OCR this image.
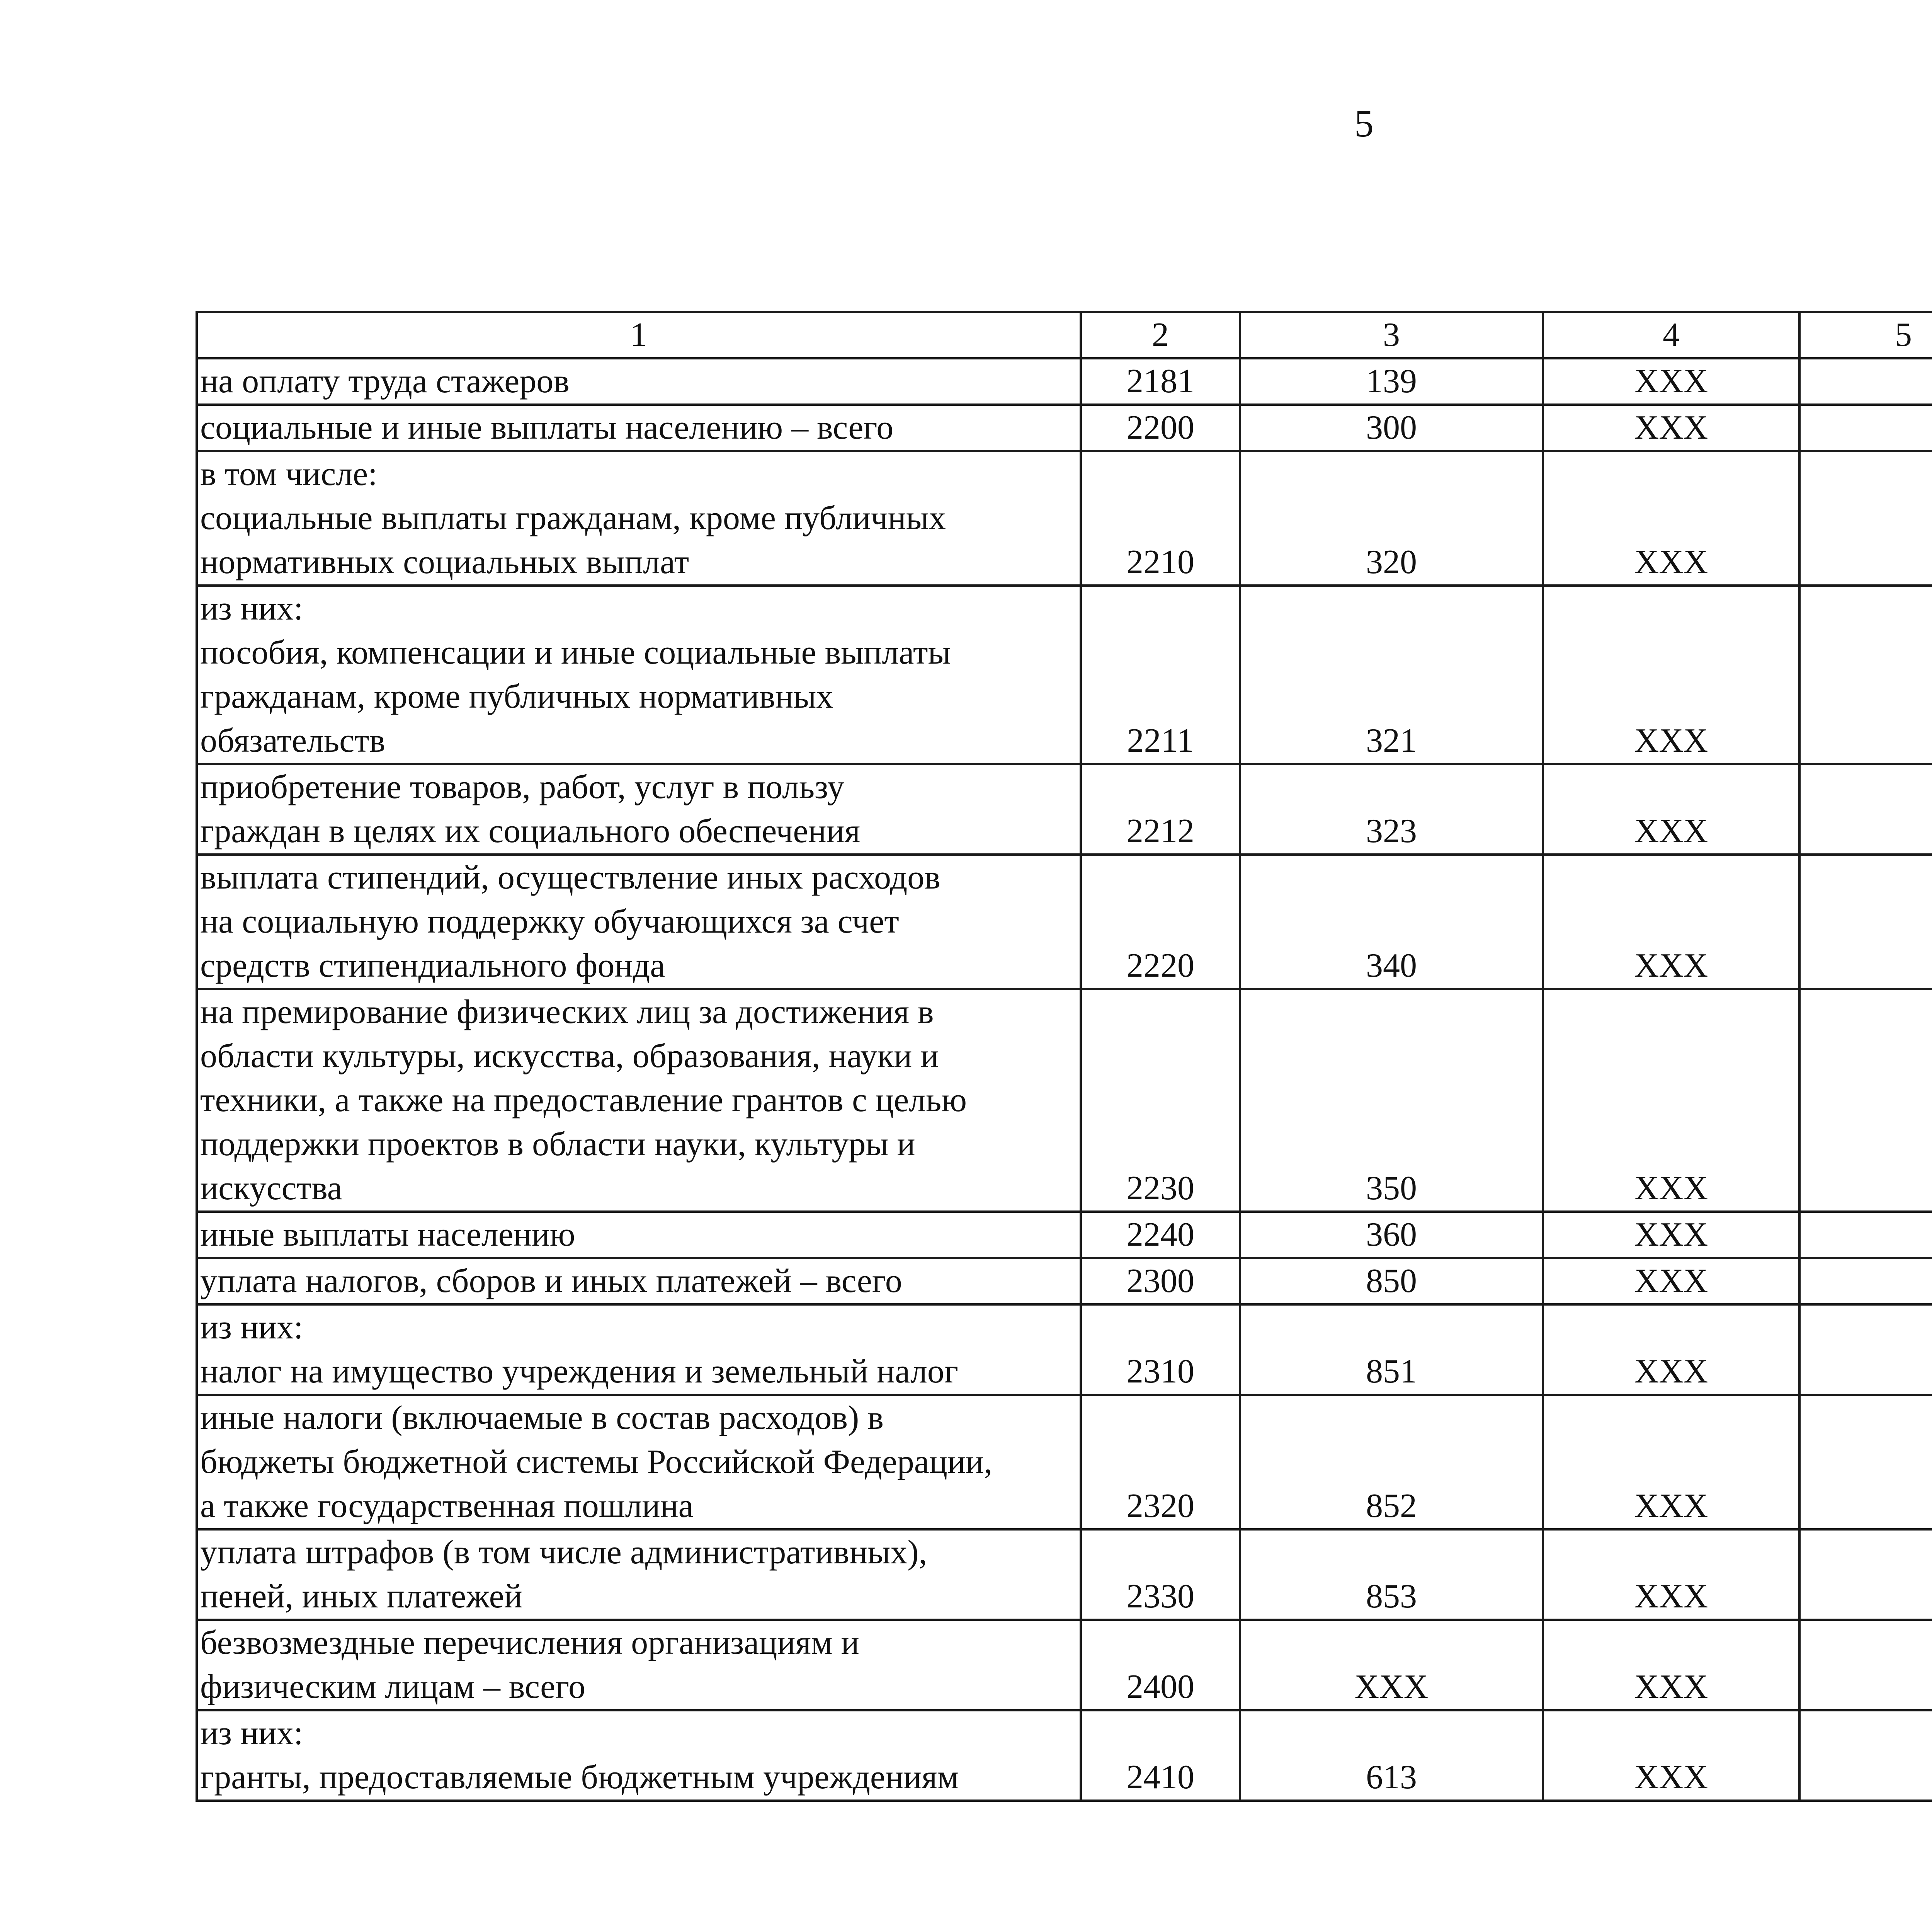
5
1	2	3	4	5			

на оплату труда стажеров	2181	139	ХХХ				

социальные и иные выплаты населению – всего	2200	300	ХХХ				

в том числе:
социальные выплаты гражданам, кроме публичных
нормативных социальных выплат	2210	320	ХХХ				

из них:
пособия, компенсации и иные социальные выплаты
гражданам, кроме публичных нормативных
обязательств	2211	321	ХХХ				

приобретение товаров, работ, услуг в пользу
граждан в целях их социального обеспечения	2212	323	ХХХ				

выплата стипендий, осуществление иных расходов
на социальную поддержку обучающихся за счет
средств стипендиального фонда	2220	340	ХХХ				

на премирование физических лиц за достижения в
области культуры, искусства, образования, науки и
техники, а также на предоставление грантов с целью
поддержки проектов в области науки, культуры и
искусства	2230	350	ХХХ				

иные выплаты населению	2240	360	ХХХ				

уплата налогов, сборов и иных платежей – всего	2300	850	ХХХ				

из них:
налог на имущество учреждения и земельный налог	2310	851	ХХХ				

иные налоги (включаемые в состав расходов) в
бюджеты бюджетной системы Российской Федерации,
а также государственная пошлина	2320	852	ХХХ				

уплата штрафов (в том числе административных),
пеней, иных платежей	2330	853	ХХХ				

безвозмездные перечисления организациям и
физическим лицам – всего	2400	ХХХ	ХХХ				

из них:
гранты, предоставляемые бюджетным учреждениям	2410	613	ХХХ				
